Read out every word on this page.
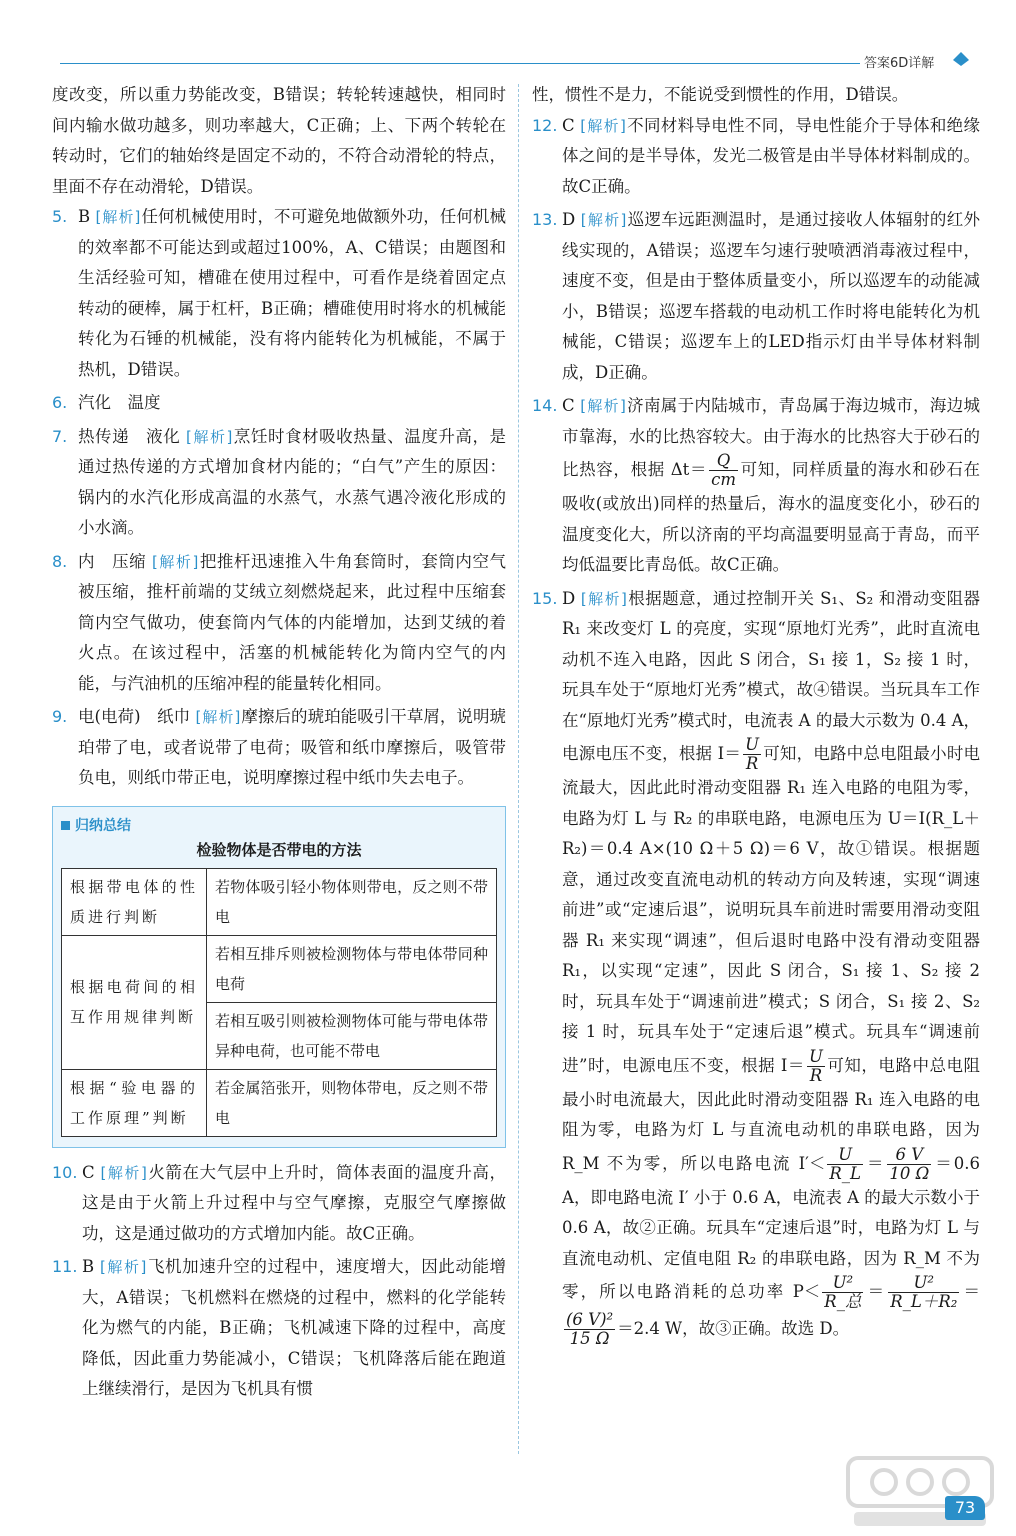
答案6D详解
度改变，所以重力势能改变，B错误；转轮转速越快，相同时间内输水做功越多，则功率越大，C正确；上、下两个转轮在转动时，它们的轴始终是固定不动的，不符合动滑轮的特点，里面不存在动滑轮，D错误。
5. B [解析]任何机械使用时，不可避免地做额外功，任何机械的效率都不可能达到或超过100%，A、C错误；由题图和生活经验可知，槽碓在使用过程中，可看作是绕着固定点转动的硬棒，属于杠杆，B正确；槽碓使用时将水的机械能转化为石锤的机械能，没有将内能转化为机械能，不属于热机，D错误。
6. 汽化　温度
7. 热传递　液化 [解析]烹饪时食材吸收热量、温度升高，是通过热传递的方式增加食材内能的；“白气”产生的原因：锅内的水汽化形成高温的水蒸气，水蒸气遇冷液化形成的小水滴。
8. 内　压缩 [解析]把推杆迅速推入牛角套筒时，套筒内空气被压缩，推杆前端的艾绒立刻燃烧起来，此过程中压缩套筒内空气做功，使套筒内气体的内能增加，达到艾绒的着火点。在该过程中，活塞的机械能转化为筒内空气的内能，与汽油机的压缩冲程的能量转化相同。
9. 电(电荷)　纸巾 [解析]摩擦后的琥珀能吸引干草屑，说明琥珀带了电，或者说带了电荷；吸管和纸巾摩擦后，吸管带负电，则纸巾带正电，说明摩擦过程中纸巾失去电子。
归纳总结
检验物体是否带电的方法
根据带电体的性质进行判断	若物体吸引轻小物体则带电，反之则不带电
根据电荷间的相互作用规律判断	若相互排斥则被检测物体与带电体带同种电荷
	若相互吸引则被检测物体可能与带电体带异种电荷，也可能不带电
根据“验电器的工作原理”判断	若金属箔张开，则物体带电，反之则不带电
10. C [解析]火箭在大气层中上升时，筒体表面的温度升高，这是由于火箭上升过程中与空气摩擦，克服空气摩擦做功，这是通过做功的方式增加内能。故C正确。
11. B [解析]飞机加速升空的过程中，速度增大，因此动能增大，A错误；飞机燃料在燃烧的过程中，燃料的化学能转化为燃气的内能，B正确；飞机减速下降的过程中，高度降低，因此重力势能减小，C错误；飞机降落后能在跑道上继续滑行，是因为飞机具有惯
性，惯性不是力，不能说受到惯性的作用，D错误。
12. C [解析]不同材料导电性不同，导电性能介于导体和绝缘体之间的是半导体，发光二极管是由半导体材料制成的。故C正确。
13. D [解析]巡逻车远距测温时，是通过接收人体辐射的红外线实现的，A错误；巡逻车匀速行驶喷洒消毒液过程中，速度不变，但是由于整体质量变小，所以巡逻车的动能减小，B错误；巡逻车搭载的电动机工作时将电能转化为机械能，C错误；巡逻车上的LED指示灯由半导体材料制成，D正确。
14. C [解析]济南属于内陆城市，青岛属于海边城市，海边城市靠海，水的比热容较大。由于海水的比热容大于砂石的比热容，根据 $\Delta t= \frac{Q}{cm}$ 可知，同样质量的海水和砂石在吸收(或放出)同样的热量后，海水的温度变化小，砂石的温度变化大，所以济南的平均高温要明显高于青岛，而平均低温要比青岛低。故C正确。
15. D [解析]根据题意，通过控制开关 S₁、S₂ 和滑动变阻器 R₁ 来改变灯 L 的亮度，实现“原地灯光秀”，此时直流电动机不连入电路，因此 S 闭合，S₁ 接 1，S₂ 接 1 时，玩具车处于“原地灯光秀”模式，故④错误。当玩具车工作在“原地灯光秀”模式时，电流表 A 的最大示数为 0.4 A，电源电压不变，根据 $I= \frac{U}{R}$ 可知，电路中总电阻最小时电流最大，因此此时滑动变阻器 R₁ 连入电路的电阻为零，电路为灯 L 与 R₂ 的串联电路，电源电压为 U＝I(R_L＋R₂)＝0.4 A×(10 Ω＋5 Ω)＝6 V，故①错误。根据题意，通过改变直流电动机的转动方向及转速，实现“调速前进”或“定速后退”，说明玩具车前进时需要用滑动变阻器 R₁ 来实现“调速”，但后退时电路中没有滑动变阻器 R₁，以实现“定速”，因此 S 闭合，S₁ 接 1、S₂ 接 2 时，玩具车处于“调速前进”模式；S 闭合，S₁ 接 2、S₂ 接 1 时，玩具车处于“定速后退”模式。玩具车“调速前进”时，电源电压不变，根据 $I= \frac{U}{R}$ 可知，电路中总电阻最小时电流最大，因此此时滑动变阻器 R₁ 连入电路的电阻为零，电路为灯 L 与直流电动机的串联电路，因为 R_M 不为零，所以电路电流 $I'< \frac{U}{R\_L} = \frac{6 V}{10 \Omega} =0.6$ A，即电路电流 I′ 小于 0.6 A，电流表 A 的最大示数小于 0.6 A，故②正确。玩具车“定速后退”时，电路为灯 L 与直流电动机、定值电阻 R₂ 的串联电路，因为 R_M 不为零，所以电路消耗的总功率 $P< \frac{\text{U²}}{\text{R\_总}} = \frac{\text{U²}}{\text{R\_L＋R₂}}$ ＝
$\frac{\text{(6 V)²}}{15 \Omega} =2.4$ W，故③正确。故选 D。
73
